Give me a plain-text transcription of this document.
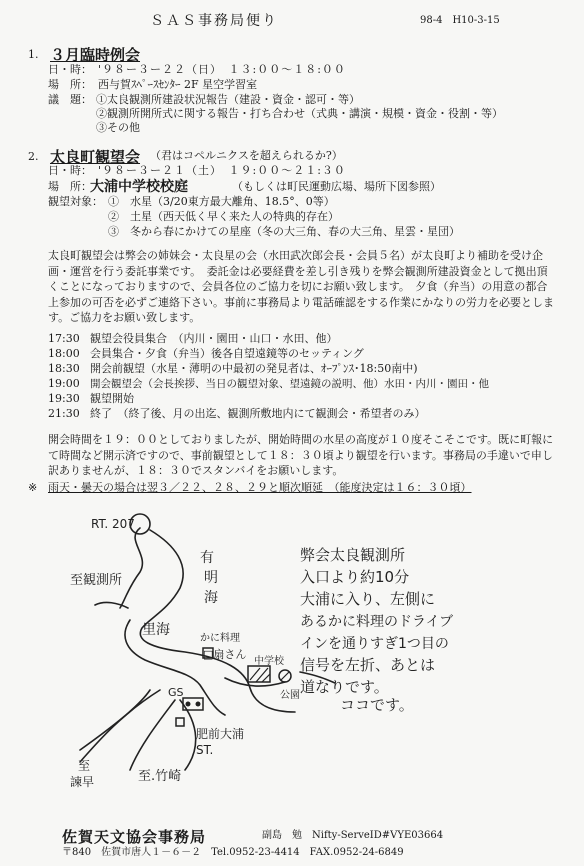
ＳＡＳ事務局便り	98-4　H10-3-15
1. ３月臨時例会
日・時： '９８ー３ー２２（日）　１３:００～１８:００
場　所： 西与賀ｽﾍﾟｰｽｾﾝﾀｰ 2F 星空学習室
議　題： ①太良観測所建設状況報告（建設・資金・認可・等）
②観測所開所式に関する報告・打ち合わせ（式典・講演・規模・資金・役割・等）
③その他
2. 太良町観望会 （君はコペルニクスを超えられるか?）
日・時： '９８ー３ー２１（土）　１９:００～２１:３０
場　所：
大浦中学校校庭	（もしくは町民運動広場、場所下図参照）
観望対象： ①　水星（3/20東方最大離角、18.5°、0等）
②　土星（西天低く早く来た人の特典的存在）
③　冬から春にかけての星座（冬の大三角、春の大三角、星雲・星団）
太良町観望会は弊会の姉妹会・太良星の会（水田武次郎会長・会員５名）が太良町より補助を受け企画・運営を行う委託事業です。　委託金は必要経費を差し引き残りを弊会観測所建設資金として拠出頂くことになっておりますので、会員各位のご協力を切にお願い致します。　夕食（弁当）の用意の都合上参加の可否を必ずご連絡下さい。事前に事務局より電話確認をする作業にかなりの労力を必要とします。ご協力をお願い致します。
17:30 観望会役員集合　（内川・園田・山口・水田、他）
18:00 会員集合・夕食（弁当）後各自望遠鏡等のセッティング
18:30 開会前観望（水星・薄明の中最初の発見者は、ｵｰﾌﾟﾝｽ･18:50南中)
19:00 開会観望会（会長挨拶、当日の観望対象、望遠鏡の説明、他）水田・内川・園田・他
19:30 観望開始
21:30 終了　（終了後、月の出迄、観測所敷地内にて観測会・希望者のみ）
開会時間を１９：００としておりましたが、開始時間の水星の高度が１０度そこそこです。既に町報にて時間など開示済ですので、事前観望として１８：３０頃より観望を行います。事務局の手違いで申し訳ありませんが、１８：３０でスタンバイをお願いします。
※ 雨天・曇天の場合は翌３／２２、２８、２９と順次順延　（能度決定は１６：３０頃）
RT. 207
至観測所
有
明
海
里海
かに料理
□扇さん
中学校
公園
GS
肥前大浦
ST.
至
諫早	至.竹崎
ココです。
弊会太良観測所
入口より約10分
大浦に入り、左側に
あるかに料理のドライブ
インを通りすぎ1つ目の
信号を左折、あとは
道なりです。
佐賀天文協会事務局	副島　勉　Nifty-ServeID#VYE03664
〒840　佐賀市唐人１－６－２　Tel.0952-23-4414　FAX.0952-24-6849
